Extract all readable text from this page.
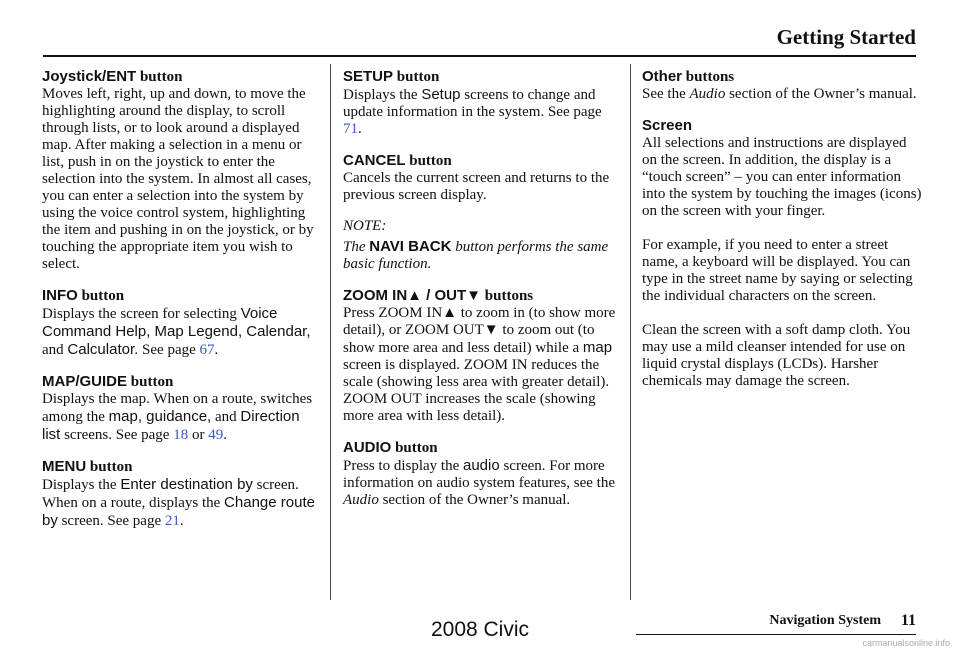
Getting Started
Joystick/ENT button

Moves left, right, up and down, to move the highlighting around the display, to scroll through lists, or to look around a displayed map. After making a selection in a menu or list, push in on the joystick to enter the selection into the system. In almost all cases, you can enter a selection into the system by using the voice control system, highlighting the item and pushing in on the joystick, or by touching the appropriate item you wish to select.

INFO button

Displays the screen for selecting Voice Command Help, Map Legend, Calendar, and Calculator. See page 67.

MAP/GUIDE button

Displays the map. When on a route, switches among the map, guidance, and Direction list screens. See page 18 or 49.

MENU button

Displays the Enter destination by screen. When on a route, displays the Change route by screen. See page 21.

SETUP button

Displays the Setup screens to change and update information in the system. See page 71.

CANCEL button

Cancels the current screen and returns to the previous screen display.

NOTE:

The NAVI BACK button performs the same basic function.

ZOOM IN▲ / OUT▼ buttons

Press ZOOM IN▲ to zoom in (to show more detail), or ZOOM OUT▼ to zoom out (to show more area and less detail) while a map screen is displayed. ZOOM IN reduces the scale (showing less area with greater detail). ZOOM OUT increases the scale (showing more area with less detail).

AUDIO button

Press to display the audio screen. For more information on audio system features, see the Audio section of the Owner’s manual.

Other buttons

See the Audio section of the Owner’s manual.

Screen

All selections and instructions are displayed on the screen. In addition, the display is a “touch screen” – you can enter information into the system by touching the images (icons) on the screen with your finger.

For example, if you need to enter a street name, a keyboard will be displayed. You can type in the street name by saying or selecting the individual characters on the screen.

Clean the screen with a soft damp cloth. You may use a mild cleanser intended for use on liquid crystal displays (LCDs). Harsher chemicals may damage the screen.

Navigation System 11
2008 Civic
carmanualsonline.info
